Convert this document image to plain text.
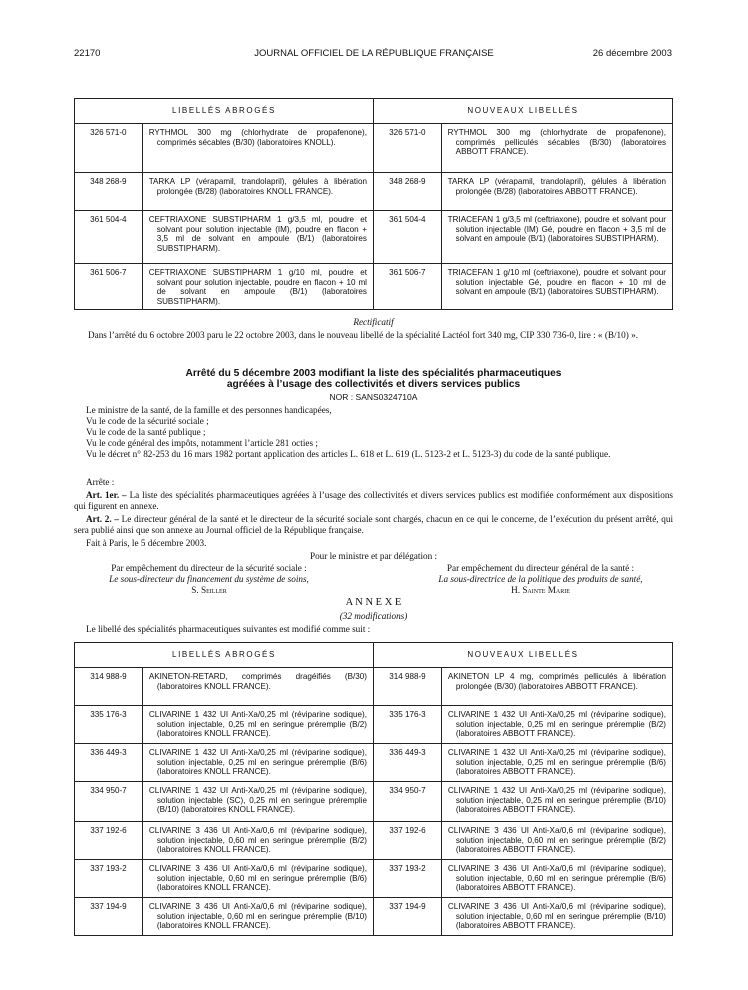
22170	JOURNAL OFFICIEL DE LA RÉPUBLIQUE FRANÇAISE	26 décembre 2003
LIBELLÉS ABROGÉS		NOUVEAUX LIBELLÉS	
326 571-0	RYTHMOL 300 mg (chlorhydrate de propafenone), comprimés sécables (B/30) (laboratoires KNOLL).	326 571-0	RYTHMOL 300 mg (chlorhydrate de propafenone), comprimés pelliculés sécables (B/30) (laboratoires ABBOTT FRANCE).

348 268-9	TARKA LP (vérapamil, trandolapril), gélules à libération prolongée (B/28) (laboratoires KNOLL FRANCE).	348 268-9	TARKA LP (vérapamil, trandolapril), gélules à libération prolongée (B/28) (laboratoires ABBOTT FRANCE).

361 504-4	CEFTRIAXONE SUBSTIPHARM 1 g/3,5 ml, poudre et solvant pour solution injectable (IM), poudre en flacon + 3,5 ml de solvant en ampoule (B/1) (laboratoires SUBSTIPHARM).	361 504-4	TRIACEFAN 1 g/3,5 ml (ceftriaxone), poudre et solvant pour solution injectable (IM) Gé, poudre en flacon + 3,5 ml de solvant en ampoule (B/1) (laboratoires SUBSTIPHARM).

361 506-7	CEFTRIAXONE SUBSTIPHARM 1 g/10 ml, poudre et solvant pour solution injectable, poudre en flacon + 10 ml de solvant en ampoule (B/1) (laboratoires SUBSTIPHARM).	361 506-7	TRIACEFAN 1 g/10 ml (ceftriaxone), poudre et solvant pour solution injectable Gé, poudre en flacon + 10 ml de solvant en ampoule (B/1) (laboratoires SUBSTIPHARM).
Rectificatif
Dans l’arrêté du 6 octobre 2003 paru le 22 octobre 2003, dans le nouveau libellé de la spécialité Lactéol fort 340 mg, CIP 330 736-0, lire : « (B/10) ».
Arrêté du 5 décembre 2003 modifiant la liste des spécialités pharmaceutiques
agréées à l’usage des collectivités et divers services publics
NOR : SANS0324710A
Le ministre de la santé, de la famille et des personnes handicapées,
Vu le code de la sécurité sociale ;
Vu le code de la santé publique ;
Vu le code général des impôts, notamment l’article 281 octies ;
Vu le décret n° 82-253 du 16 mars 1982 portant application des articles L. 618 et L. 619 (L. 5123-2 et L. 5123-3) du code de la santé publique.
Arrête :
Art. 1er. – La liste des spécialités pharmaceutiques agréées à l’usage des collectivités et divers services publics est modifiée conformément aux dispositions qui figurent en annexe.
Art. 2. – Le directeur général de la santé et le directeur de la sécurité sociale sont chargés, chacun en ce qui le concerne, de l’exécution du présent arrêté, qui sera publié ainsi que son annexe au Journal officiel de la République française.
Fait à Paris, le 5 décembre 2003.
Pour le ministre et par délégation :
Par empêchement du directeur de la sécurité sociale :
Le sous-directeur du financement du système de soins,
S. Seiller
Par empêchement du directeur général de la santé :
La sous-directrice de la politique des produits de santé,
H. Sainte Marie
A N N E X E
(32 modifications)
Le libellé des spécialités pharmaceutiques suivantes est modifié comme suit :
LIBELLÉS ABROGÉS		NOUVEAUX LIBELLÉS	
314 988-9	AKINETON-RETARD, comprimés dragéifiés (B/30) (laboratoires KNOLL FRANCE).	314 988-9	AKINETON LP 4 mg, comprimés pelliculés à libération prolongée (B/30) (laboratoires ABBOTT FRANCE).

335 176-3	CLIVARINE 1 432 UI Anti-Xa/0,25 ml (réviparine sodique), solution injectable, 0,25 ml en seringue préremplie (B/2) (laboratoires KNOLL FRANCE).	335 176-3	CLIVARINE 1 432 UI Anti-Xa/0,25 ml (réviparine sodique), solution injectable, 0,25 ml en seringue préremplie (B/2) (laboratoires ABBOTT FRANCE).

336 449-3	CLIVARINE 1 432 UI Anti-Xa/0,25 ml (réviparine sodique), solution injectable, 0,25 ml en seringue préremplie (B/6) (laboratoires KNOLL FRANCE).	336 449-3	CLIVARINE 1 432 UI Anti-Xa/0,25 ml (réviparine sodique), solution injectable, 0,25 ml en seringue préremplie (B/6) (laboratoires ABBOTT FRANCE).

334 950-7	CLIVARINE 1 432 UI Anti-Xa/0,25 ml (réviparine sodique), solution injectable (SC), 0,25 ml en seringue préremplie (B/10) (laboratoires KNOLL FRANCE).	334 950-7	CLIVARINE 1 432 UI Anti-Xa/0,25 ml (réviparine sodique), solution injectable, 0,25 ml en seringue préremplie (B/10) (laboratoires ABBOTT FRANCE).

337 192-6	CLIVARINE 3 436 UI Anti-Xa/0,6 ml (réviparine sodique), solution injectable, 0,60 ml en seringue préremplie (B/2) (laboratoires KNOLL FRANCE).	337 192-6	CLIVARINE 3 436 UI Anti-Xa/0,6 ml (réviparine sodique), solution injectable, 0,60 ml en seringue préremplie (B/2) (laboratoires ABBOTT FRANCE).

337 193-2	CLIVARINE 3 436 UI Anti-Xa/0,6 ml (réviparine sodique), solution injectable, 0,60 ml en seringue préremplie (B/6) (laboratoires KNOLL FRANCE).	337 193-2	CLIVARINE 3 436 UI Anti-Xa/0,6 ml (réviparine sodique), solution injectable, 0,60 ml en seringue préremplie (B/6) (laboratoires ABBOTT FRANCE).

337 194-9	CLIVARINE 3 436 UI Anti-Xa/0,6 ml (réviparine sodique), solution injectable, 0,60 ml en seringue préremplie (B/10) (laboratoires KNOLL FRANCE).	337 194-9	CLIVARINE 3 436 UI Anti-Xa/0,6 ml (réviparine sodique), solution injectable, 0,60 ml en seringue préremplie (B/10) (laboratoires ABBOTT FRANCE).
